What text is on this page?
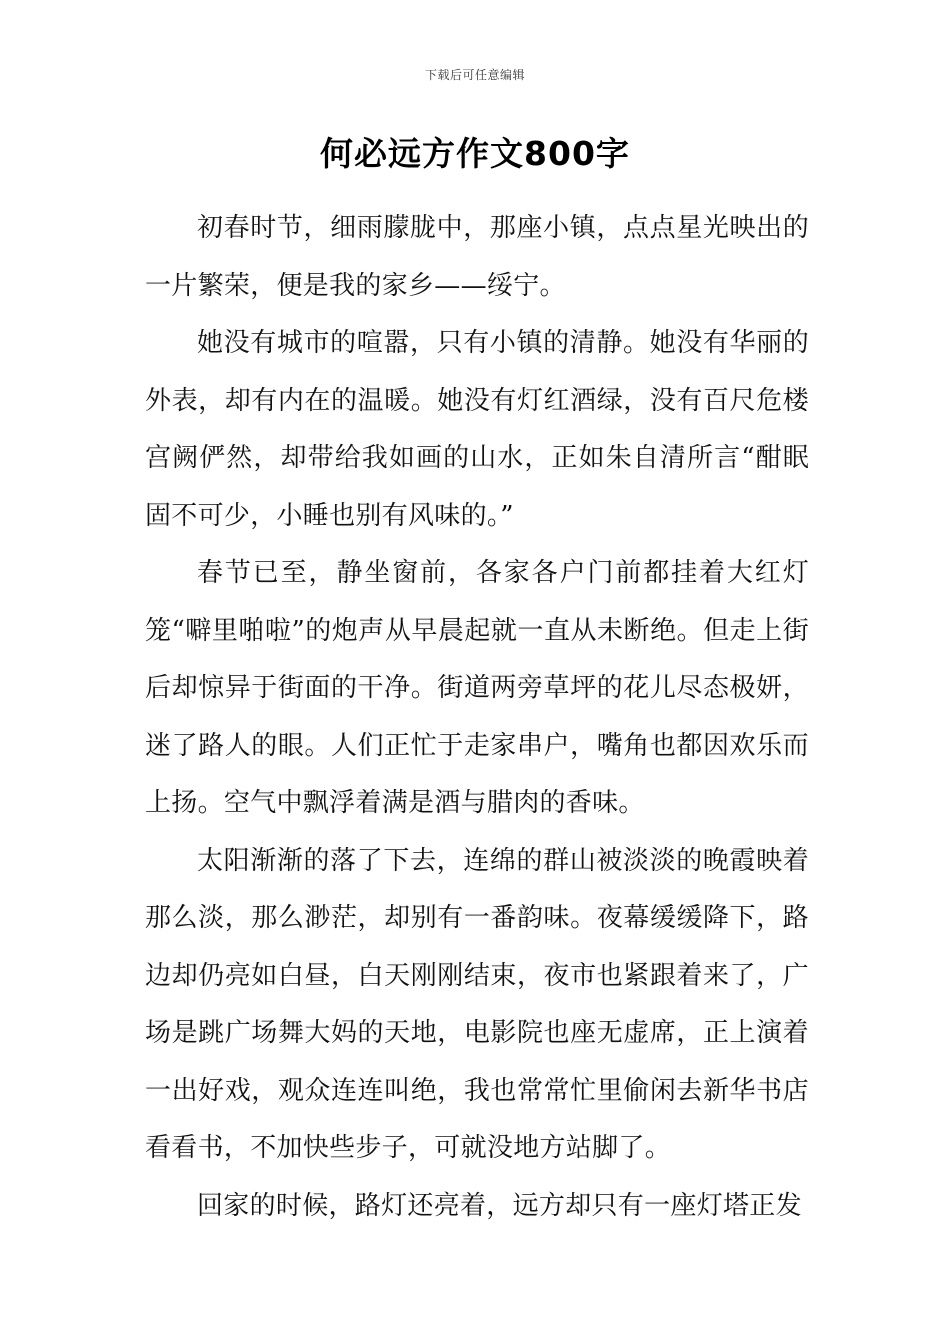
下载后可任意编辑
何必远方作文800字

初春时节，细雨朦胧中，那座小镇，点点星光映出的一片繁荣，便是我的家乡——绥宁。

她没有城市的喧嚣，只有小镇的清静。她没有华丽的外表，却有内在的温暖。她没有灯红酒绿，没有百尺危楼宫阙俨然，却带给我如画的山水，正如朱自清所言“酣眠固不可少，小睡也别有风味的。”

春节已至，静坐窗前，各家各户门前都挂着大红灯笼“噼里啪啦”的炮声从早晨起就一直从未断绝。但走上街后却惊异于街面的干净。街道两旁草坪的花儿尽态极妍，迷了路人的眼。人们正忙于走家串户，嘴角也都因欢乐而上扬。空气中飘浮着满是酒与腊肉的香味。

太阳渐渐的落了下去，连绵的群山被淡淡的晚霞映着那么淡，那么渺茫，却别有一番韵味。夜幕缓缓降下，路边却仍亮如白昼，白天刚刚结束，夜市也紧跟着来了，广场是跳广场舞大妈的天地，电影院也座无虚席，正上演着一出好戏，观众连连叫绝，我也常常忙里偷闲去新华书店看看书，不加快些步子，可就没地方站脚了。

回家的时候，路灯还亮着，远方却只有一座灯塔正发
